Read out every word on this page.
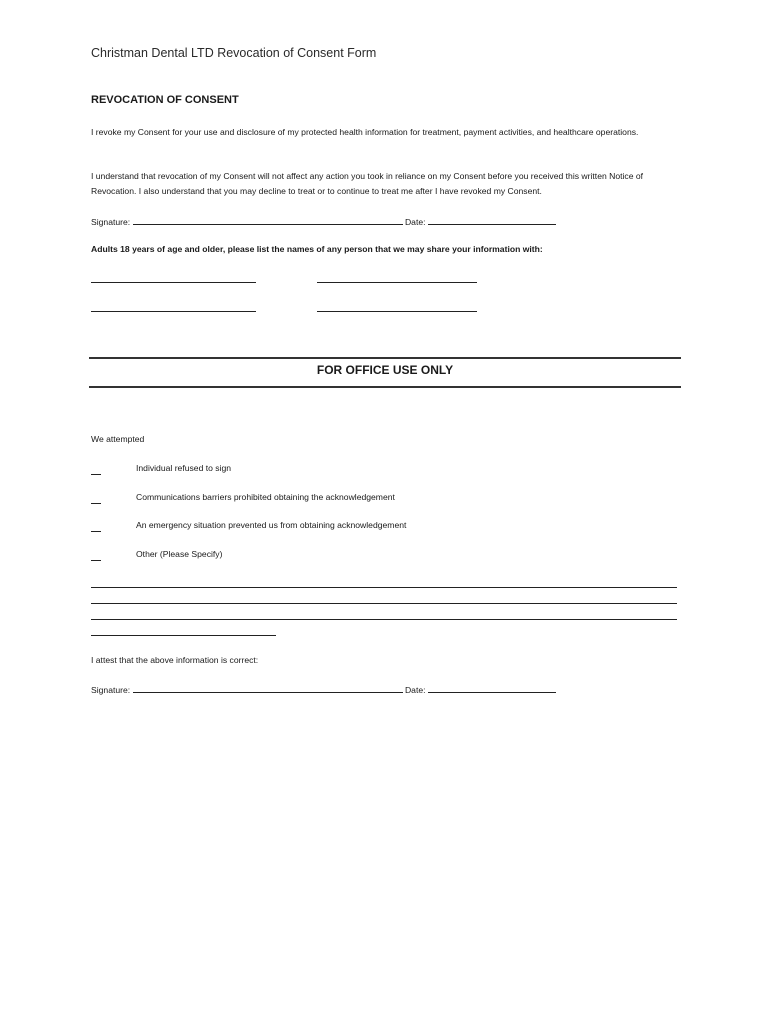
Christman Dental LTD Revocation of Consent Form
REVOCATION OF CONSENT
I revoke my Consent for your use and disclosure of my protected health information for treatment, payment activities, and healthcare operations.
I understand that revocation of my Consent will not affect any action you took in reliance on my Consent before you received this written Notice of Revocation. I also understand that you may decline to treat or to continue to treat me after I have revoked my Consent.
Signature:	Date:
Adults 18 years of age and older, please list the names of any person that we may share your information with:
FOR OFFICE USE ONLY
We attempted
Individual refused to sign
Communications barriers prohibited obtaining the acknowledgement
An emergency situation prevented us from obtaining acknowledgement
Other (Please Specify)
I attest that the above information is correct:
Signature:	Date:
